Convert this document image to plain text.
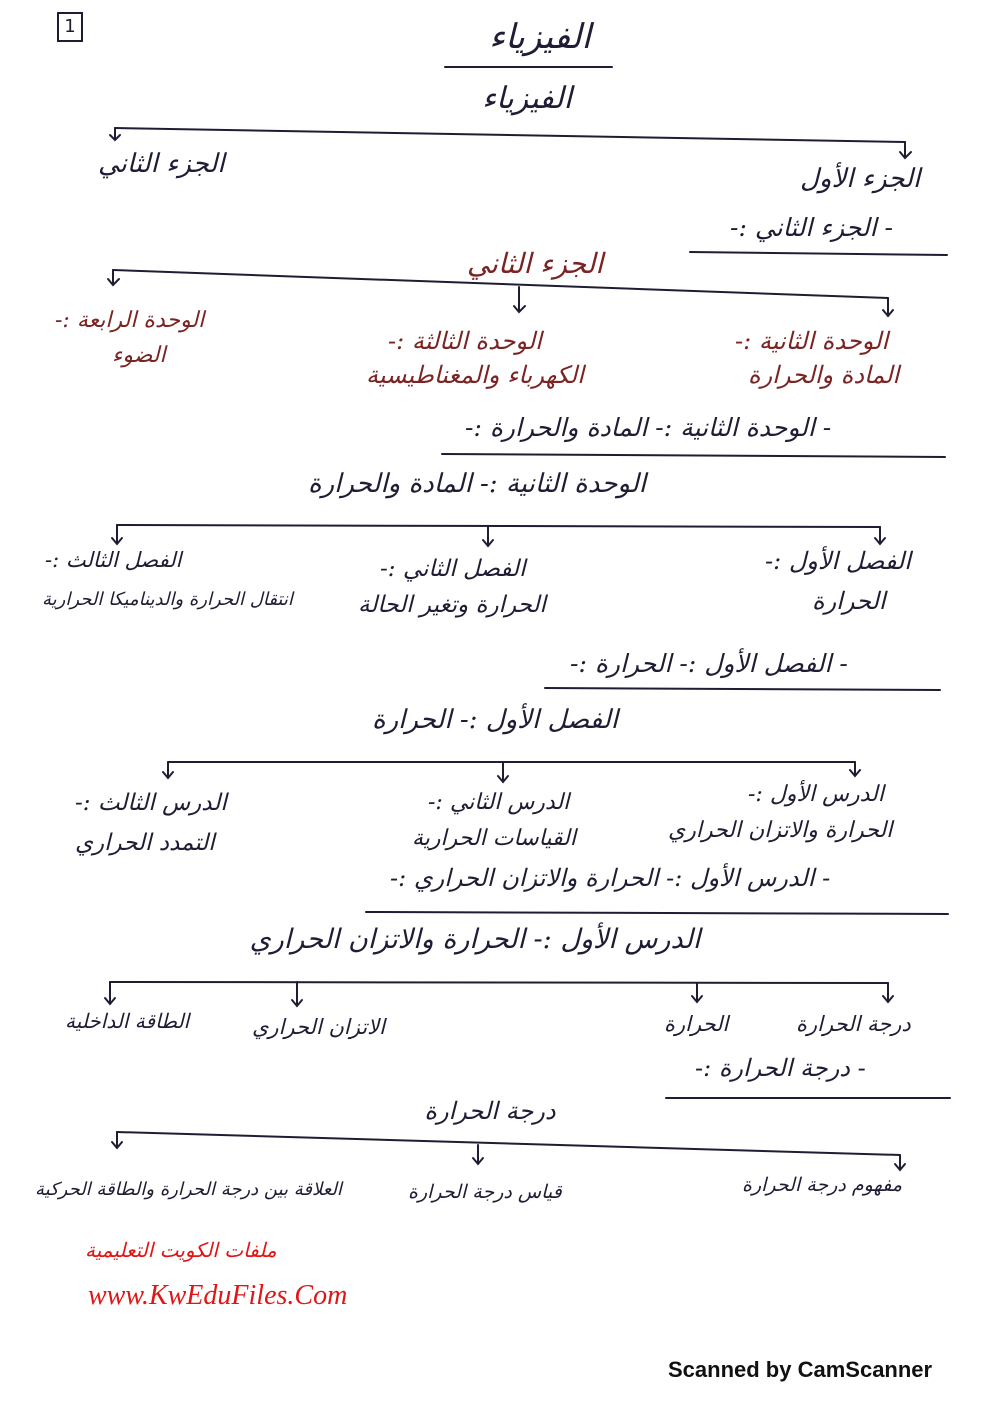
1	الفيزياء
الفيزياء
الجزء الثاني	الجزء الأول
- الجزء الثاني :-
الجزء الثاني
الوحدة الرابعة :-
الضوء
الوحدة الثالثة :-
الكهرباء والمغناطيسية
الوحدة الثانية :-
المادة والحرارة
- الوحدة الثانية :- المادة والحرارة :-
الوحدة الثانية :- المادة والحرارة
الفصل الثالث :-
انتقال الحرارة والديناميكا الحرارية
الفصل الثاني :-
الحرارة وتغير الحالة
الفصل الأول :-
الحرارة
- الفصل الأول :- الحرارة :-
الفصل الأول :- الحرارة
الدرس الثالث :-
التمدد الحراري
الدرس الثاني :-
القياسات الحرارية
الدرس الأول :-
الحرارة والاتزان الحراري
- الدرس الأول :- الحرارة والاتزان الحراري :-
الدرس الأول :- الحرارة والاتزان الحراري
الطاقة الداخلية	الاتزان الحراري	الحرارة	درجة الحرارة
- درجة الحرارة :-
درجة الحرارة
العلاقة بين درجة الحرارة والطاقة الحركية	قياس درجة الحرارة	مفهوم درجة الحرارة
ملفات الكويت التعليمية
www.KwEduFiles.Com
Scanned by CamScanner
